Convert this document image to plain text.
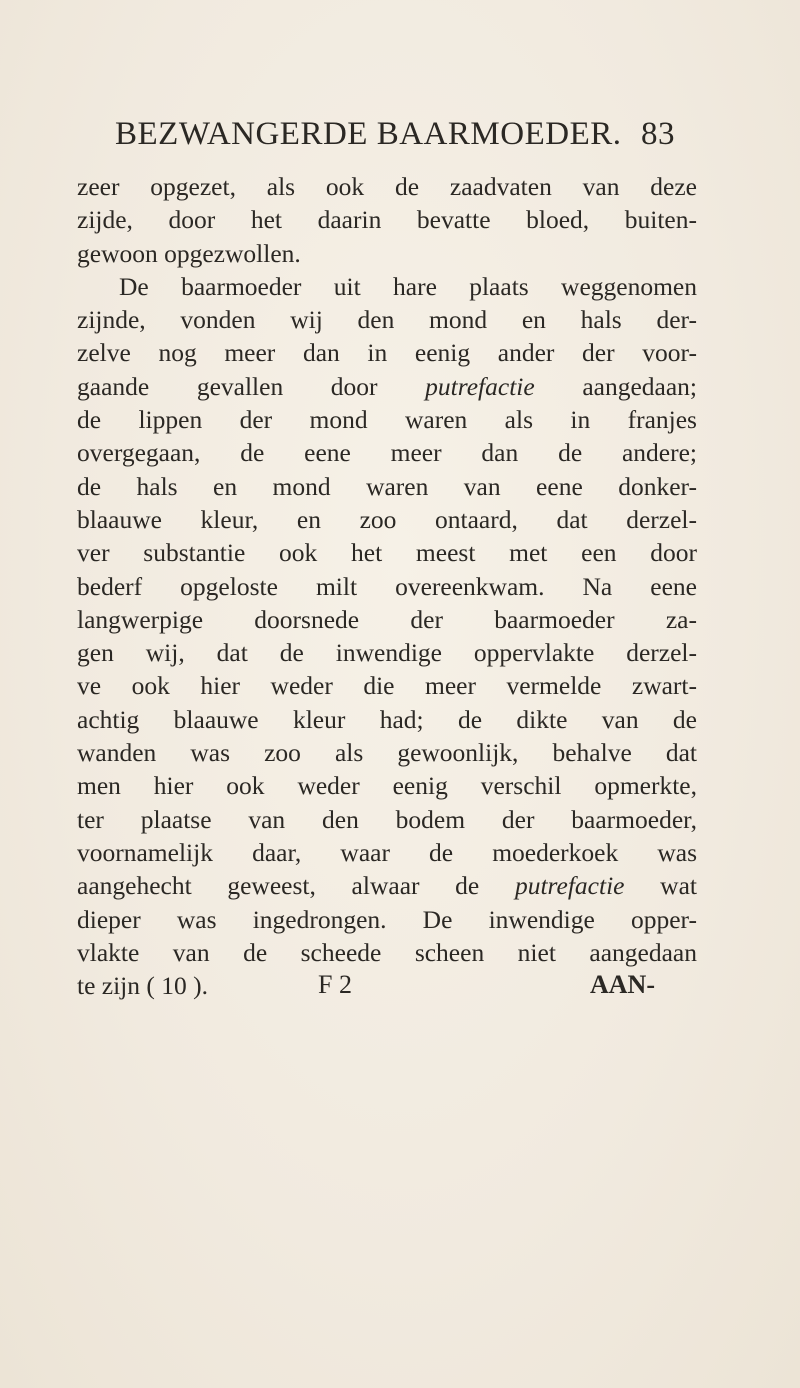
BEZWANGERDE BAARMOEDER. 83
zeer opgezet, als ook de zaadvaten van deze
zijde, door het daarin bevatte bloed, buiten-
gewoon opgezwollen.
De baarmoeder uit hare plaats weggenomen
zijnde, vonden wij den mond en hals der-
zelve nog meer dan in eenig ander der voor-
gaande gevallen door putrefactie aangedaan;
de lippen der mond waren als in franjes
overgegaan, de eene meer dan de andere;
de hals en mond waren van eene donker-
blaauwe kleur, en zoo ontaard, dat derzel-
ver substantie ook het meest met een door
bederf opgeloste milt overeenkwam. Na eene
langwerpige doorsnede der baarmoeder za-
gen wij, dat de inwendige oppervlakte derzel-
ve ook hier weder die meer vermelde zwart-
achtig blaauwe kleur had; de dikte van de
wanden was zoo als gewoonlijk, behalve dat
men hier ook weder eenig verschil opmerkte,
ter plaatse van den bodem der baarmoeder,
voornamelijk daar, waar de moederkoek was
aangehecht geweest, alwaar de putrefactie wat
dieper was ingedrongen. De inwendige opper-
vlakte van de scheede scheen niet aangedaan
te zijn ( 10 ).	F 2	AAN-
